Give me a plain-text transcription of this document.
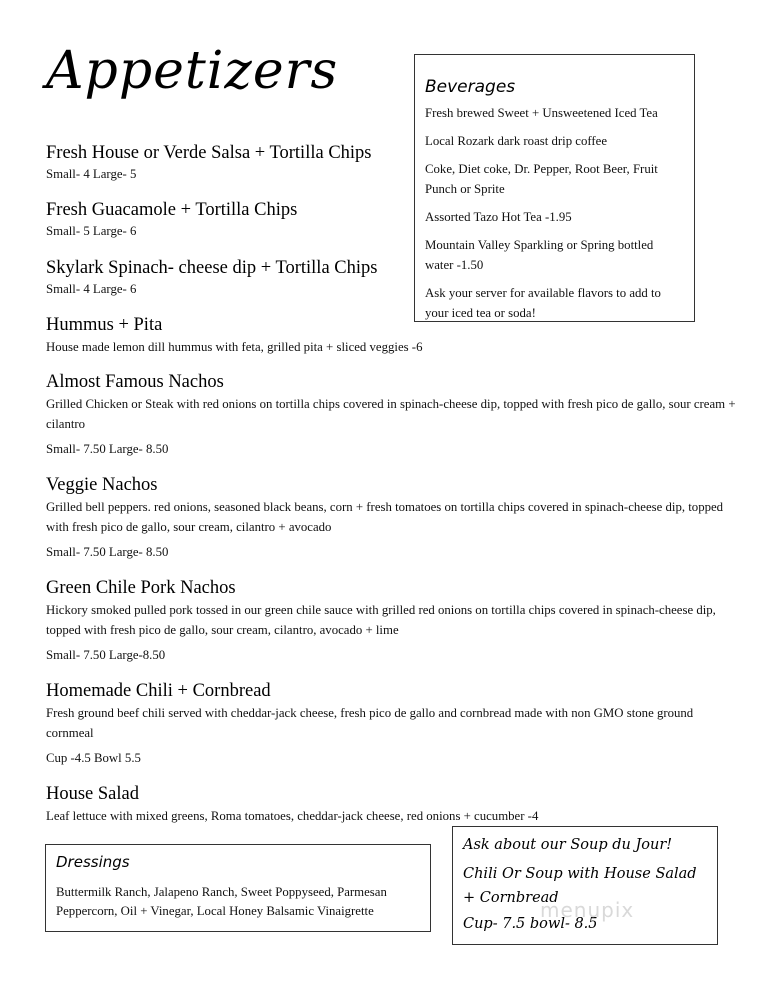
Appetizers
Fresh House or Verde Salsa + Tortilla Chips
Small- 4 Large- 5
Fresh Guacamole + Tortilla Chips
Small- 5 Large- 6
Skylark Spinach- cheese dip + Tortilla Chips
Small- 4 Large- 6
Hummus + Pita
House made lemon dill hummus with feta, grilled pita + sliced veggies -6
Almost Famous Nachos
Grilled Chicken or Steak with red onions on tortilla chips covered in spinach-cheese dip, topped with fresh pico de gallo, sour cream + cilantro
Small- 7.50 Large- 8.50
Veggie Nachos
Grilled bell peppers. red onions, seasoned black beans, corn + fresh tomatoes on tortilla chips covered in spinach-cheese dip, topped with fresh pico de gallo, sour cream, cilantro + avocado
Small- 7.50 Large- 8.50
Green Chile Pork Nachos
Hickory smoked pulled pork tossed in our green chile sauce with grilled red onions on tortilla chips covered in spinach-cheese dip, topped with fresh pico de gallo, sour cream, cilantro, avocado + lime
Small- 7.50 Large-8.50
Homemade Chili + Cornbread
Fresh ground beef chili served with cheddar-jack cheese, fresh pico de gallo and cornbread made with non GMO stone ground cornmeal
Cup -4.5 Bowl 5.5
House Salad
Leaf lettuce with mixed greens, Roma tomatoes, cheddar-jack cheese, red onions + cucumber -4
Beverages
Fresh brewed Sweet + Unsweetened Iced Tea
Local Rozark dark roast drip coffee
Coke, Diet coke, Dr. Pepper, Root Beer, Fruit Punch or Sprite
Assorted Tazo Hot Tea -1.95
Mountain Valley Sparkling or Spring bottled water -1.50
Ask your server for available flavors to add to your iced tea or soda!
Dressings
Buttermilk Ranch, Jalapeno Ranch, Sweet Poppyseed, Parmesan Peppercorn, Oil + Vinegar, Local Honey Balsamic Vinaigrette
Ask about our Soup du Jour!
Chili Or Soup with House Salad + Cornbread
Cup- 7.5 bowl- 8.5
menupix
